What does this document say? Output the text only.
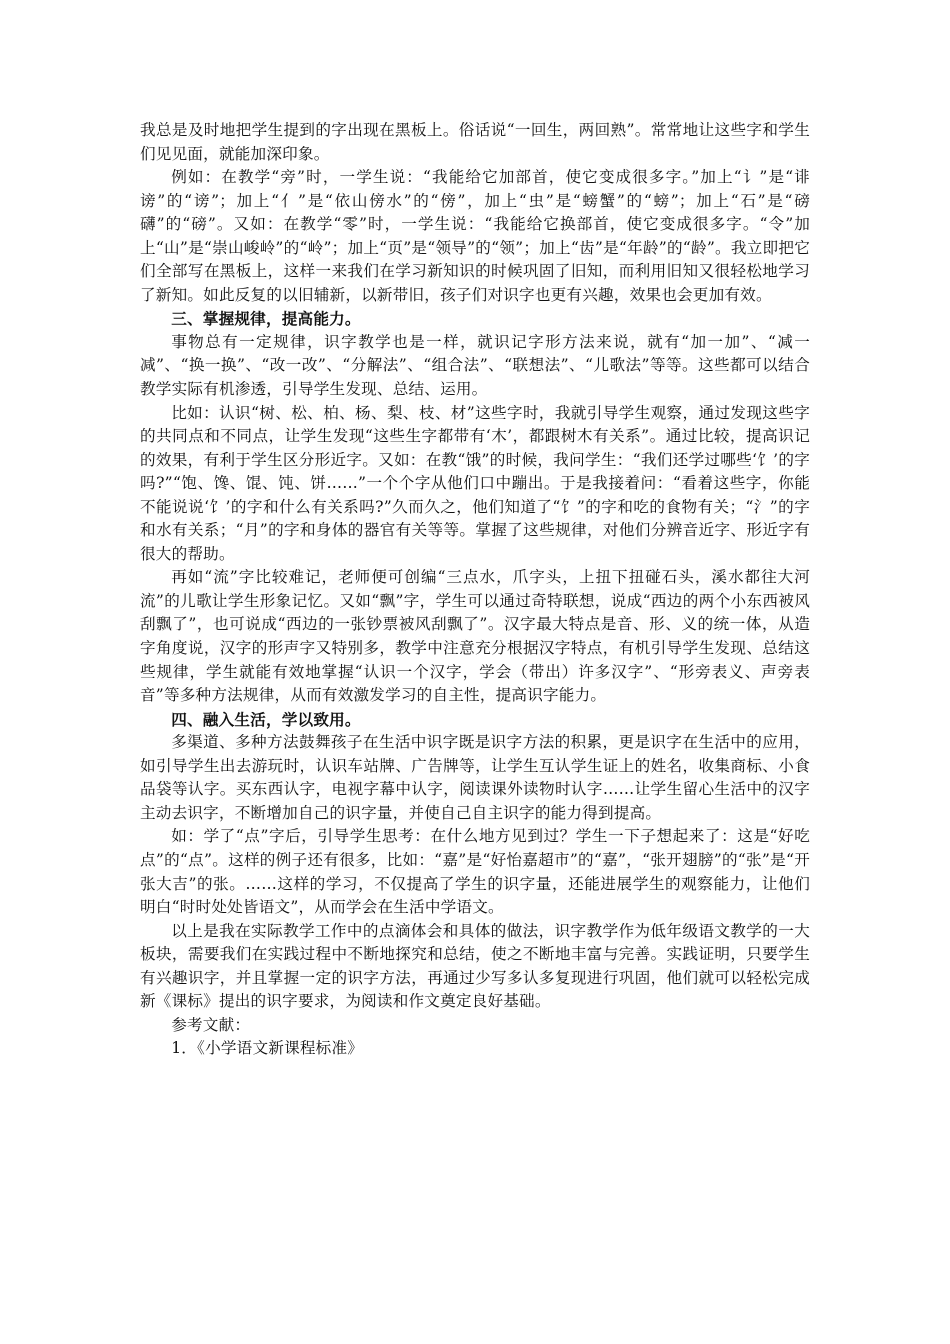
我总是及时地把学生提到的字出现在黑板上。俗话说“一回生，两回熟”。常常地让这些字和学生们见见面，就能加深印象。

例如：在教学“旁”时，一学生说：“我能给它加部首，使它变成很多字。”加上“讠”是“诽谤”的“谤”；加上“亻”是“依山傍水”的“傍”，加上“虫”是“螃蟹”的“螃”；加上“石”是“磅礴”的“磅”。又如：在教学“零”时，一学生说：“我能给它换部首，使它变成很多字。“令”加上“山”是“崇山峻岭”的“岭”；加上“页”是“领导”的“领”；加上“齿”是“年龄”的“龄”。我立即把它们全部写在黑板上，这样一来我们在学习新知识的时候巩固了旧知，而利用旧知又很轻松地学习了新知。如此反复的以旧辅新，以新带旧，孩子们对识字也更有兴趣，效果也会更加有效。

三、掌握规律，提高能力。

事物总有一定规律，识字教学也是一样，就识记字形方法来说，就有“加一加”、“减一减”、“换一换”、“改一改”、“分解法”、“组合法”、“联想法”、“儿歌法”等等。这些都可以结合教学实际有机渗透，引导学生发现、总结、运用。

比如：认识“树、松、柏、杨、梨、枝、材”这些字时，我就引导学生观察，通过发现这些字的共同点和不同点，让学生发现“这些生字都带有‘木’，都跟树木有关系”。通过比较，提高识记的效果，有利于学生区分形近字。又如：在教“饿”的时候，我问学生：“我们还学过哪些‘饣’的字吗?”“饱、馋、馄、饨、饼……”一个个字从他们口中蹦出。于是我接着问：“看着这些字，你能不能说说‘饣’的字和什么有关系吗?”久而久之，他们知道了“饣”的字和吃的食物有关；“氵”的字和水有关系；“月”的字和身体的器官有关等等。掌握了这些规律，对他们分辨音近字、形近字有很大的帮助。

再如“流”字比较难记，老师便可创编“三点水，爪字头，上扭下扭碰石头，溪水都往大河流”的儿歌让学生形象记忆。又如“飘”字，学生可以通过奇特联想，说成“西边的两个小东西被风刮飘了”，也可说成“西边的一张钞票被风刮飘了”。汉字最大特点是音、形、义的统一体，从造字角度说，汉字的形声字又特别多，教学中注意充分根据汉字特点，有机引导学生发现、总结这些规律，学生就能有效地掌握“认识一个汉字，学会（带出）许多汉字”、“形旁表义、声旁表音”等多种方法规律，从而有效激发学习的自主性，提高识字能力。

四、融入生活，学以致用。

多渠道、多种方法鼓舞孩子在生活中识字既是识字方法的积累，更是识字在生活中的应用，如引导学生出去游玩时，认识车站牌、广告牌等，让学生互认学生证上的姓名，收集商标、小食品袋等认字。买东西认字，电视字幕中认字，阅读课外读物时认字……让学生留心生活中的汉字主动去识字，不断增加自己的识字量，并使自己自主识字的能力得到提高。

如：学了“点”字后，引导学生思考：在什么地方见到过？学生一下子想起来了：这是“好吃点”的“点”。这样的例子还有很多，比如：“嘉”是“好怡嘉超市”的“嘉”，“张开翅膀”的“张”是“开张大吉”的张。……这样的学习，不仅提高了学生的识字量，还能进展学生的观察能力，让他们明白“时时处处皆语文”，从而学会在生活中学语文。

以上是我在实际教学工作中的点滴体会和具体的做法，识字教学作为低年级语文教学的一大板块，需要我们在实践过程中不断地探究和总结，使之不断地丰富与完善。实践证明，只要学生有兴趣识字，并且掌握一定的识字方法，再通过少写多认多复现进行巩固，他们就可以轻松完成新《课标》提出的识字要求，为阅读和作文奠定良好基础。

参考文献：

1．《小学语文新课程标准》
